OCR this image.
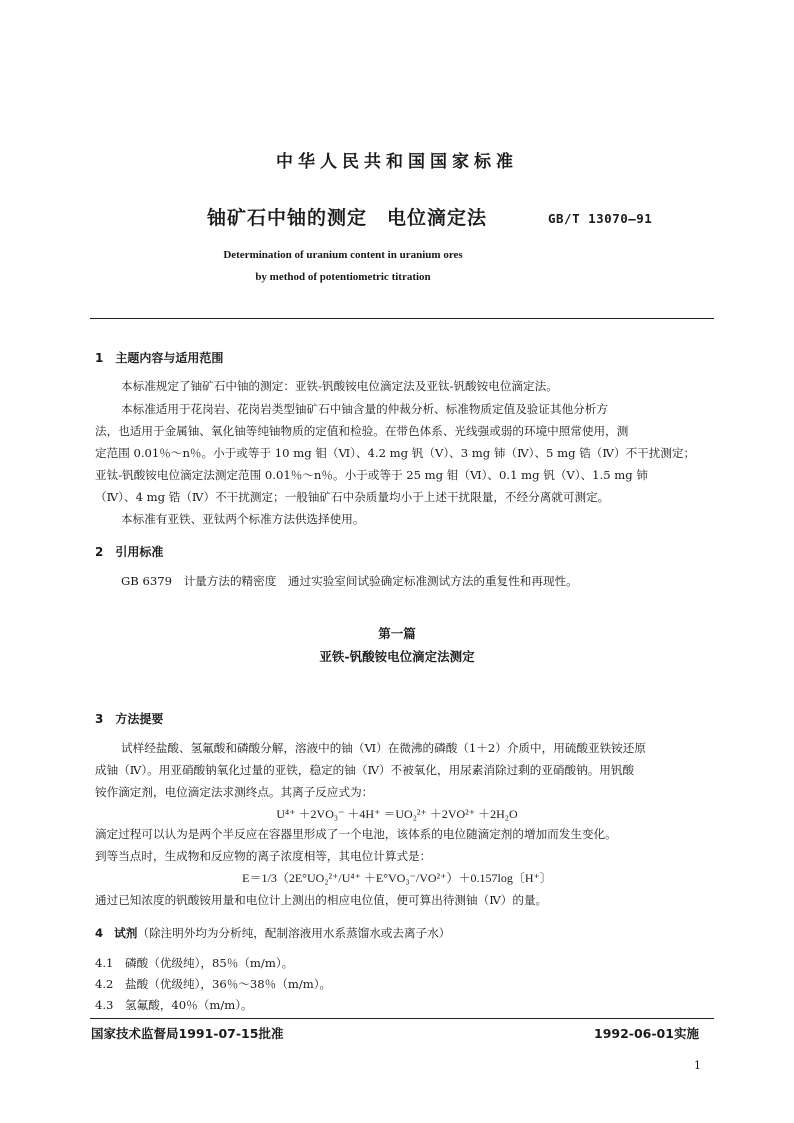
中华人民共和国国家标准
铀矿石中铀的测定　电位滴定法	GB/T 13070—91
Determination of uranium content in uranium ores
by method of potentiometric titration
1　主题内容与适用范围
本标准规定了铀矿石中铀的测定：亚铁-钒酸铵电位滴定法及亚钛-钒酸铵电位滴定法。
本标准适用于花岗岩、花岗岩类型铀矿石中铀含量的仲裁分析、标准物质定值及验证其他分析方
法，也适用于金属铀、氧化铀等纯铀物质的定值和检验。在带色体系、光线强或弱的环境中照常使用，测
定范围 0.01％～n％。小于或等于 10 mg 钼（Ⅵ）、4.2 mg 钒（Ⅴ）、3 mg 铈（Ⅳ）、5 mg 锆（Ⅳ）不干扰测定；
亚钛-钒酸铵电位滴定法测定范围 0.01％～n％。小于或等于 25 mg 钼（Ⅵ）、0.1 mg 钒（Ⅴ）、1.5 mg 铈
（Ⅳ）、4 mg 锆（Ⅳ）不干扰测定；一般铀矿石中杂质量均小于上述干扰限量，不经分离就可测定。
本标准有亚铁、亚钛两个标准方法供选择使用。
2　引用标准
GB 6379　计量方法的精密度　通过实验室间试验确定标准测试方法的重复性和再现性。
第一篇
亚铁-钒酸铵电位滴定法测定
3　方法提要
试样经盐酸、氢氟酸和磷酸分解，溶液中的铀（Ⅵ）在微沸的磷酸（1＋2）介质中，用硫酸亚铁铵还原
成铀（Ⅳ）。用亚硝酸钠氧化过量的亚铁，稳定的铀（Ⅳ）不被氧化，用尿素消除过剩的亚硝酸钠。用钒酸
铵作滴定剂，电位滴定法求测终点。其离子反应式为：
U⁴⁺ ＋2VO₃⁻ ＋4H⁺ ＝UO₂²⁺ ＋2VO²⁺ ＋2H₂O
滴定过程可以认为是两个半反应在容器里形成了一个电池，该体系的电位随滴定剂的增加而发生变化。
到等当点时，生成物和反应物的离子浓度相等，其电位计算式是：
E＝1/3（2E°UO₂²⁺/U⁴⁺ ＋E°VO₃⁻/VO²⁺）＋0.157log〔H⁺〕
通过已知浓度的钒酸铵用量和电位计上测出的相应电位值，便可算出待测铀（Ⅳ）的量。
4 试剂（除注明外均为分析纯，配制溶液用水系蒸馏水或去离子水）
4.1　磷酸（优级纯），85％（m/m）。
4.2　盐酸（优级纯），36％～38％（m/m）。
4.3　氢氟酸，40％（m/m）。
国家技术监督局1991-07-15批准	1992-06-01实施
1
